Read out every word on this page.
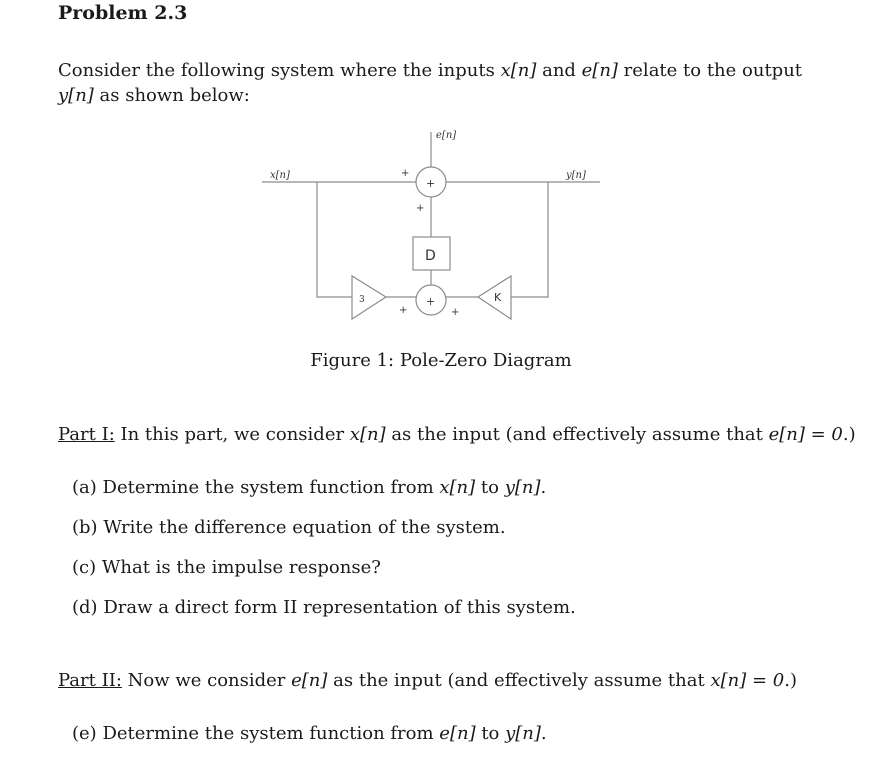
Problem 2.3
Consider the following system where the inputs x[n] and e[n] relate to the output y[n] as shown below:
x[n]
e[n]
y[n]
+
+
+
+
+	+
D
3	K
Figure 1: Pole-Zero Diagram
Part I: In this part, we consider x[n] as the input (and effectively assume that e[n] = 0.)
(a) Determine the system function from x[n] to y[n].
(b) Write the difference equation of the system.
(c) What is the impulse response?
(d) Draw a direct form II representation of this system.
Part II: Now we consider e[n] as the input (and effectively assume that x[n] = 0.)
(e) Determine the system function from e[n] to y[n].
